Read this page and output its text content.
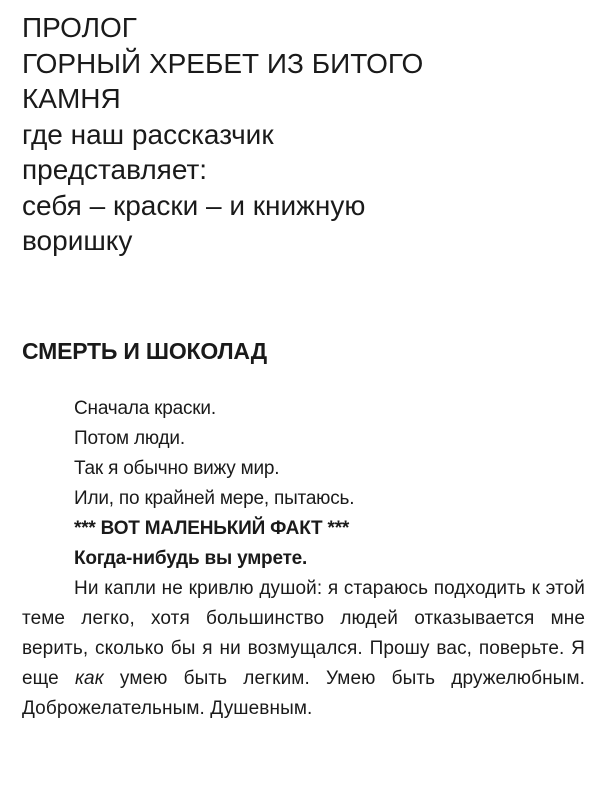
ПРОЛОГ
ГОРНЫЙ ХРЕБЕТ ИЗ БИТОГО
КАМНЯ
где наш рассказчик
представляет:
себя – краски – и книжную
воришку
СМЕРТЬ И ШОКОЛАД
Сначала краски.
Потом люди.
Так я обычно вижу мир.
Или, по крайней мере, пытаюсь.
*** ВОТ МАЛЕНЬКИЙ ФАКТ ***
Когда-нибудь вы умрете.

Ни капли не кривлю душой: я стараюсь подходить к этой теме легко, хотя большинство людей отказывается мне верить, сколько бы я ни возмущался. Прошу вас, поверьте. Я еще как умею быть легким. Умею быть дружелюбным. Доброжелательным. Душевным.
